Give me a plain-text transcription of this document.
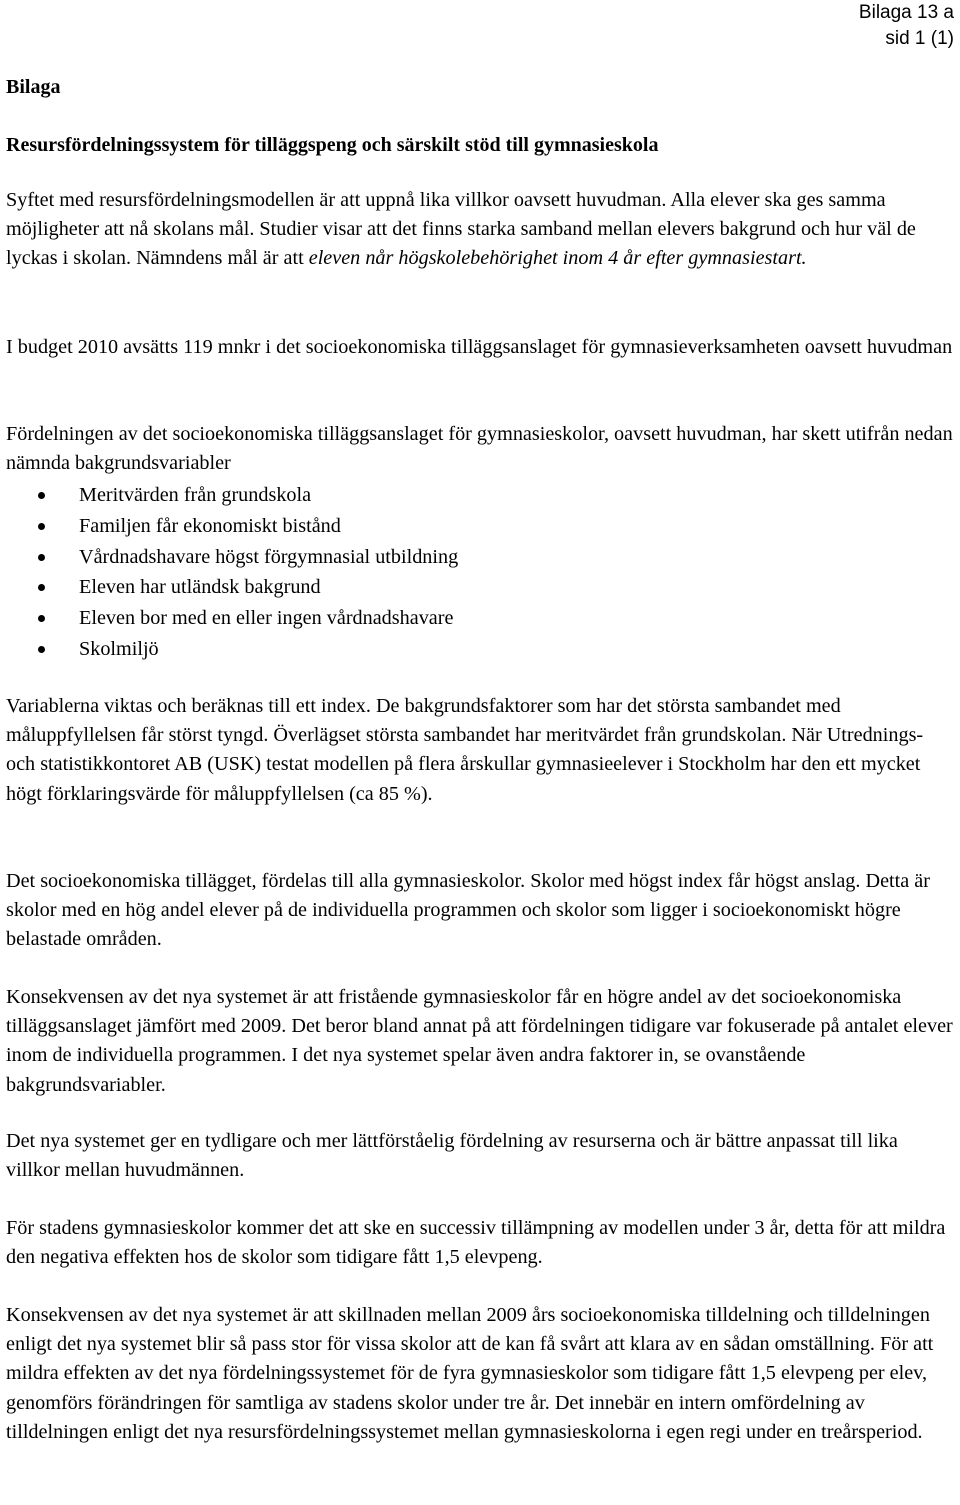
Bilaga 13 a
sid 1 (1)

Bilaga

Resursfördelningssystem för tilläggspeng och särskilt stöd till gymnasieskola

Syftet med resursfördelningsmodellen är att uppnå lika villkor oavsett huvudman. Alla elever ska ges samma möjligheter att nå skolans mål. Studier visar att det finns starka samband mellan elevers bakgrund och hur väl de lyckas i skolan. Nämndens mål är att eleven når högskolebehörighet inom 4 år efter gymnasiestart.

I budget 2010 avsätts 119 mnkr i det socioekonomiska tilläggsanslaget för gymnasieverksamheten oavsett huvudman

Fördelningen av det socioekonomiska tilläggsanslaget för gymnasieskolor, oavsett huvudman, har skett utifrån nedan nämnda bakgrundsvariabler

Meritvärden från grundskola
Familjen får ekonomiskt bistånd
Vårdnadshavare högst förgymnasial utbildning
Eleven har utländsk bakgrund
Eleven bor med en eller ingen vårdnadshavare
Skolmiljö

Variablerna viktas och beräknas till ett index. De bakgrundsfaktorer som har det största sambandet med måluppfyllelsen får störst tyngd. Överlägset största sambandet har meritvärdet från grundskolan. När Utrednings- och statistikkontoret AB (USK) testat modellen på flera årskullar gymnasieelever i Stockholm har den ett mycket högt förklaringsvärde för måluppfyllelsen (ca 85 %).

Det socioekonomiska tillägget, fördelas till alla gymnasieskolor. Skolor med högst index får högst anslag. Detta är skolor med en hög andel elever på de individuella programmen och skolor som ligger i socioekonomiskt högre belastade områden.

Konsekvensen av det nya systemet är att fristående gymnasieskolor får en högre andel av det socioekonomiska tilläggsanslaget jämfört med 2009. Det beror bland annat på att fördelningen tidigare var fokuserade på antalet elever inom de individuella programmen. I det nya systemet spelar även andra faktorer in, se ovanstående bakgrundsvariabler.

Det nya systemet ger en tydligare och mer lättförståelig fördelning av resurserna och är bättre anpassat till lika villkor mellan huvudmännen.

För stadens gymnasieskolor kommer det att ske en successiv tillämpning av modellen under 3 år, detta för att mildra den negativa effekten hos de skolor som tidigare fått 1,5 elevpeng.

Konsekvensen av det nya systemet är att skillnaden mellan 2009 års socioekonomiska tilldelning och tilldelningen enligt det nya systemet blir så pass stor för vissa skolor att de kan få svårt att klara av en sådan omställning. För att mildra effekten av det nya fördelningssystemet för de fyra gymnasieskolor som tidigare fått 1,5 elevpeng per elev, genomförs förändringen för samtliga av stadens skolor under tre år. Det innebär en intern omfördelning av tilldelningen enligt det nya resursfördelningssystemet mellan gymnasieskolorna i egen regi under en treårsperiod.
